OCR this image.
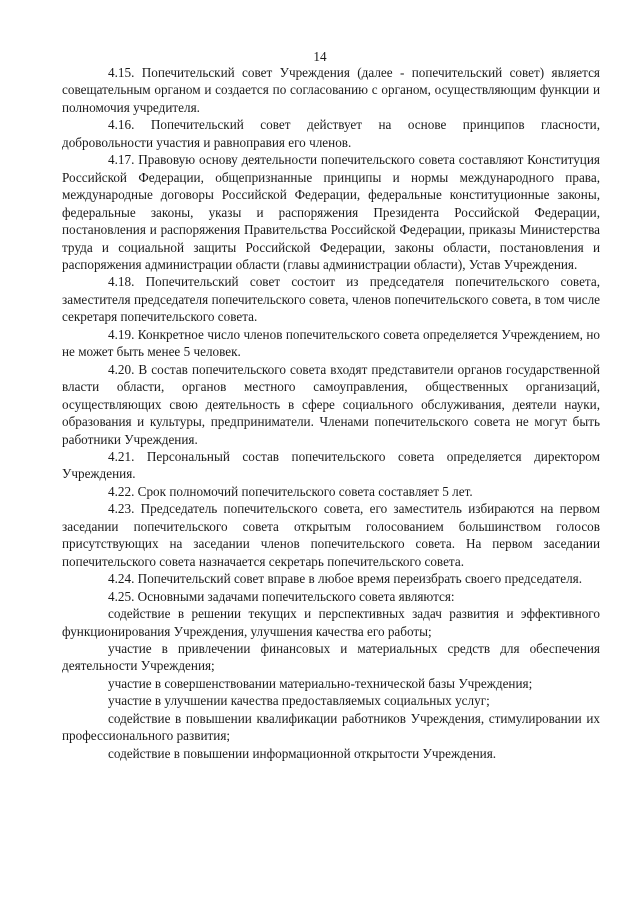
14

4.15. Попечительский совет Учреждения (далее - попечительский совет) является совещательным органом и создается по согласованию с органом, осуществляющим функции и полномочия учредителя.

4.16. Попечительский совет действует на основе принципов гласности, добровольности участия и равноправия его членов.

4.17. Правовую основу деятельности попечительского совета составляют Конституция Российской Федерации, общепризнанные принципы и нормы международного права, международные договоры Российской Федерации, федеральные конституционные законы, федеральные законы, указы и распоряжения Президента Российской Федерации, постановления и распоряжения Правительства Российской Федерации, приказы Министерства труда и социальной защиты Российской Федерации, законы области, постановления и распоряжения администрации области (главы администрации области), Устав Учреждения.

4.18. Попечительский совет состоит из председателя попечительского совета, заместителя председателя попечительского совета, членов попечительского совета, в том числе секретаря попечительского совета.

4.19. Конкретное число членов попечительского совета определяется Учреждением, но не может быть менее 5 человек.

4.20. В состав попечительского совета входят представители органов государственной власти области, органов местного самоуправления, общественных организаций, осуществляющих свою деятельность в сфере социального обслуживания, деятели науки, образования и культуры, предприниматели. Членами попечительского совета не могут быть работники Учреждения.

4.21. Персональный состав попечительского совета определяется директором Учреждения.

4.22. Срок полномочий попечительского совета составляет 5 лет.

4.23. Председатель попечительского совета, его заместитель избираются на первом заседании попечительского совета открытым голосованием большинством голосов присутствующих на заседании членов попечительского совета. На первом заседании попечительского совета назначается секретарь попечительского совета.

4.24. Попечительский совет вправе в любое время переизбрать своего председателя.

4.25. Основными задачами попечительского совета являются:

содействие в решении текущих и перспективных задач развития и эффективного функционирования Учреждения, улучшения качества его работы;

участие в привлечении финансовых и материальных средств для обеспечения деятельности Учреждения;

участие в совершенствовании материально-технической базы Учреждения;

участие в улучшении качества предоставляемых социальных услуг;

содействие в повышении квалификации работников Учреждения, стимулировании их профессионального развития;

содействие в повышении информационной открытости Учреждения.
